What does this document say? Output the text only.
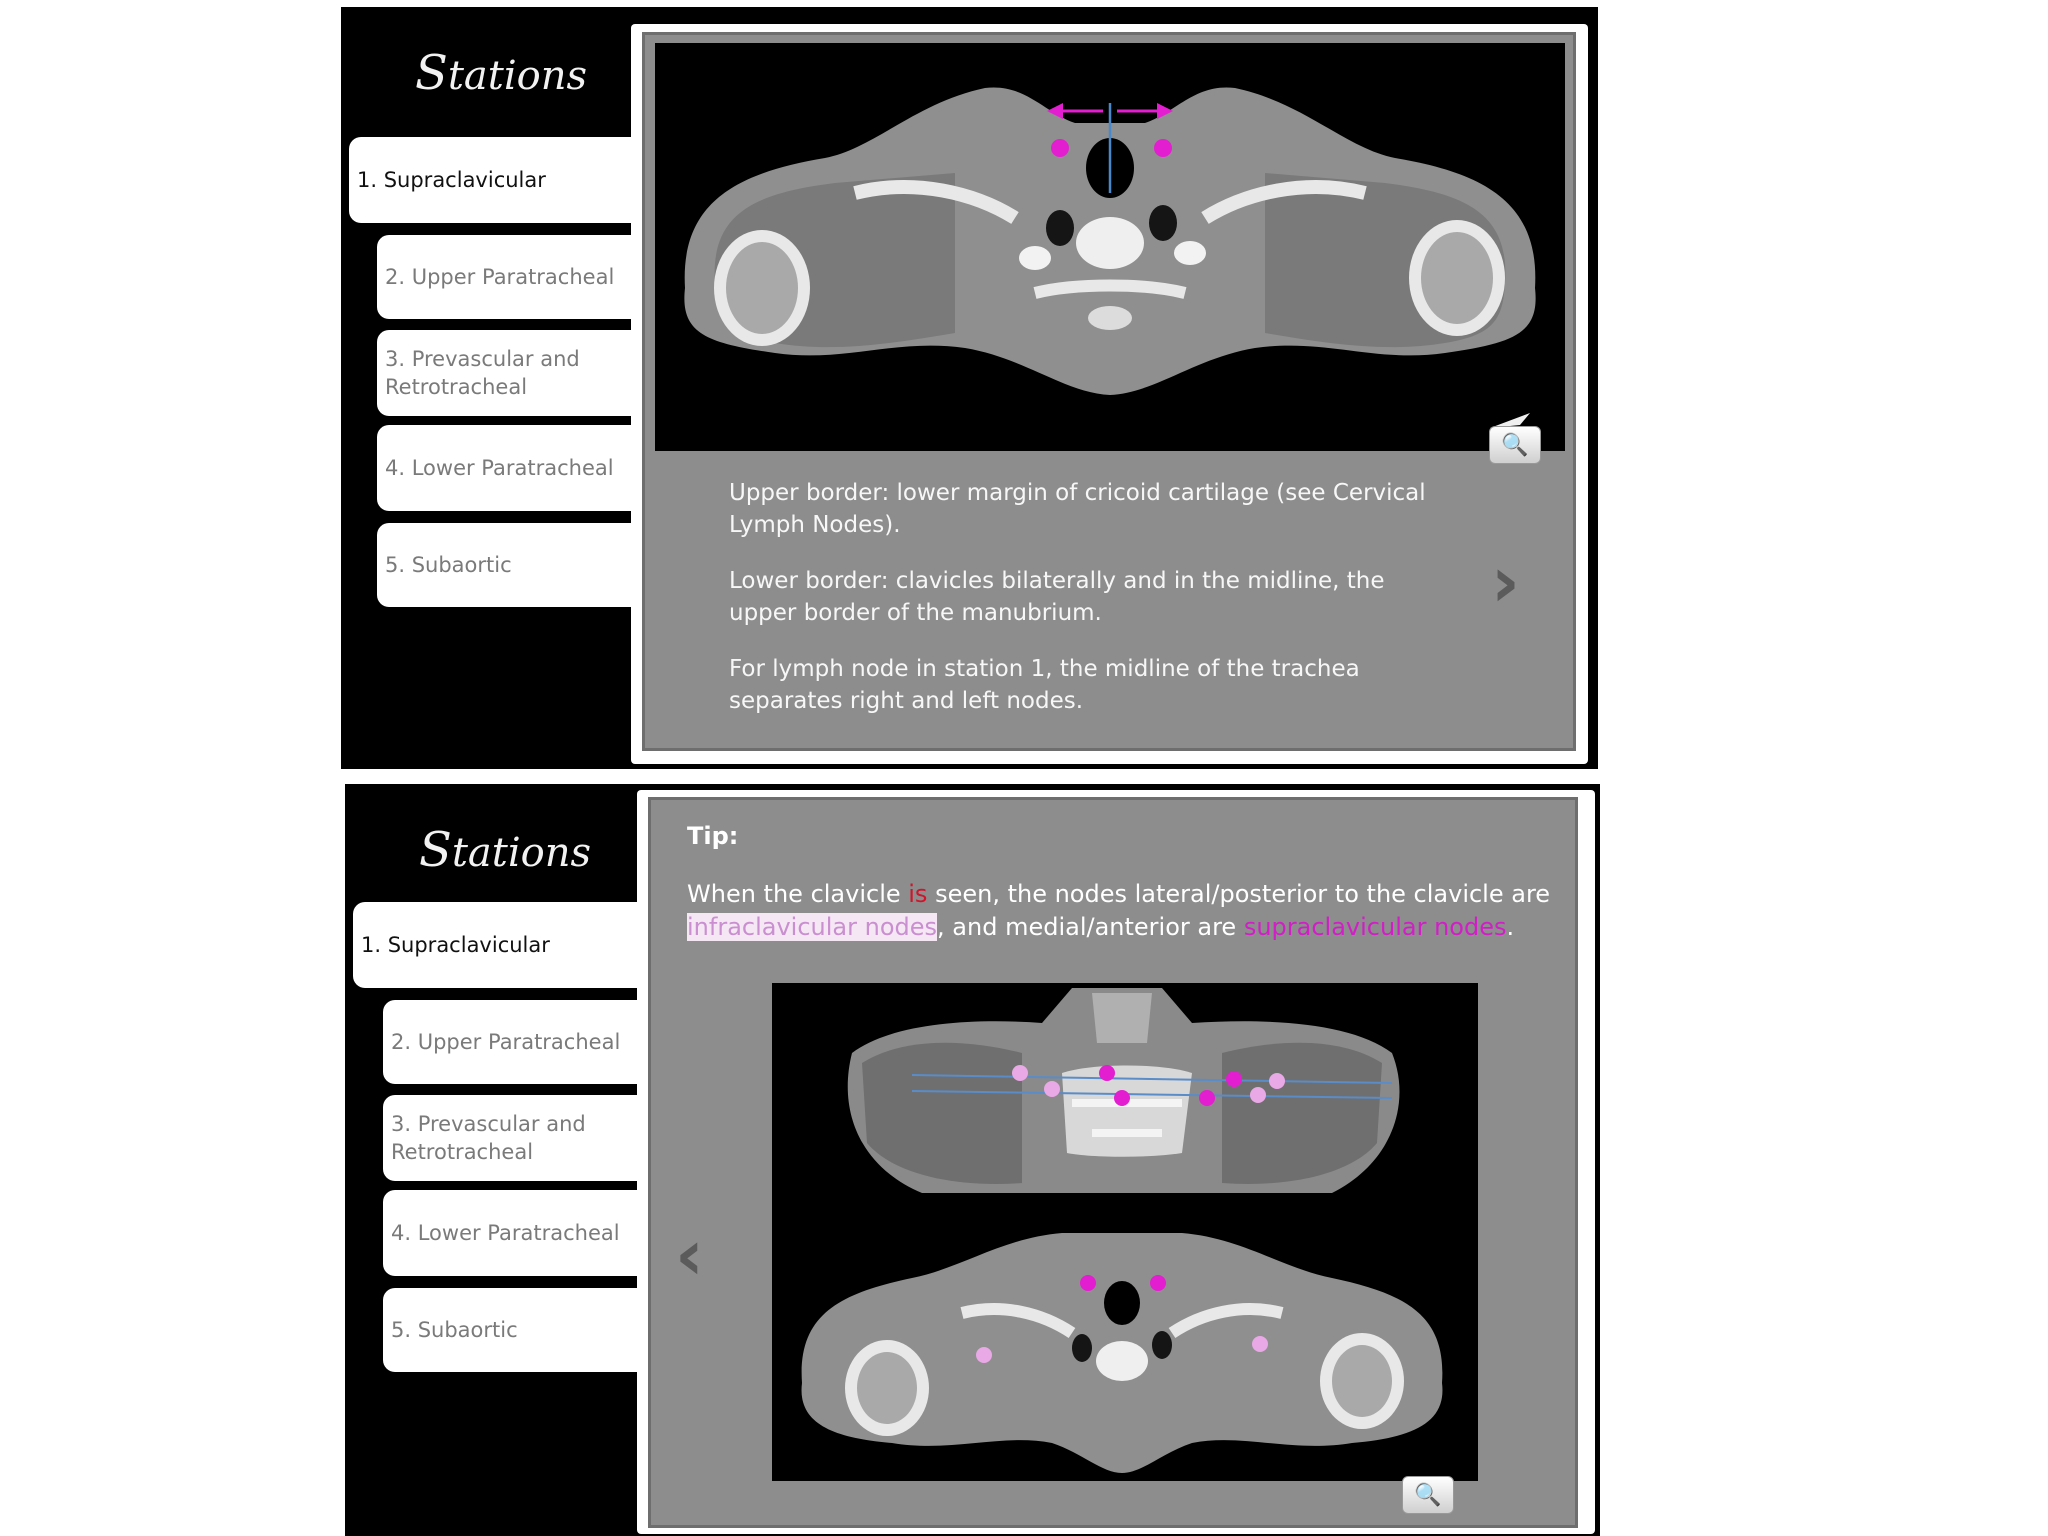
Stations
1. Supraclavicular
2. Upper Paratracheal
3. Prevascular and Retrotracheal
4. Lower Paratracheal
5. Subaortic
🔍

Upper border: lower margin of cricoid cartilage (see Cervical Lymph Nodes).

Lower border: clavicles bilaterally and in the midline, the upper border of the manubrium.

For lymph node in station 1, the midline of the trachea separates right and left nodes.

›
Stations
1. Supraclavicular
2. Upper Paratracheal
3. Prevascular and Retrotracheal
4. Lower Paratracheal
5. Subaortic
Tip:
When the clavicle is seen, the nodes lateral/posterior to the clavicle are infraclavicular nodes, and medial/anterior are supraclavicular nodes.
🔍
‹
